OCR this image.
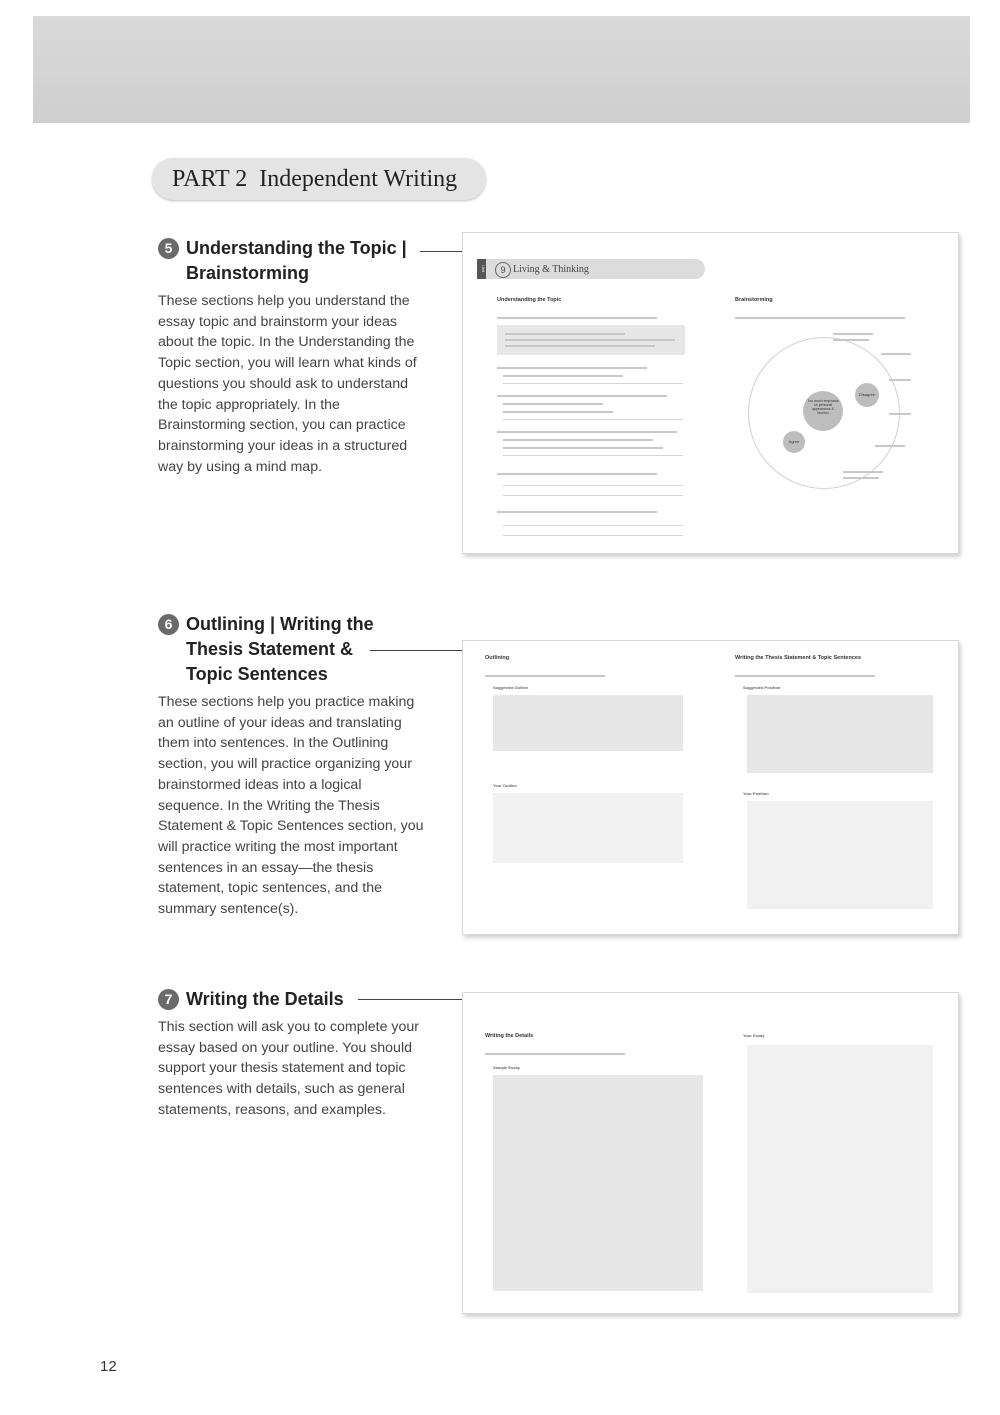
PART 2 Independent Writing
5 Understanding the Topic |
Brainstorming
These sections help you understand the essay topic and brainstorm your ideas about the topic. In the Understanding the Topic section, you will learn what kinds of questions you should ask to understand the topic appropriately. In the Brainstorming section, you can practice brainstorming your ideas in a structured way by using a mind map.
6 Outlining | Writing the
Thesis Statement &
Topic Sentences
These sections help you practice making an outline of your ideas and translating them into sentences. In the Outlining section, you will practice organizing your brainstormed ideas into a logical sequence. In the Writing the Thesis Statement & Topic Sentences section, you will practice writing the most important sentences in an essay—the thesis statement, topic sentences, and the summary sentence(s).
7 Writing the Details
This section will ask you to complete your essay based on your outline. You should support your thesis statement and topic sentences with details, such as general statements, reasons, and examples.
Unit	9 Living & Thinking
Understanding the Topic	Brainstorming
Too much emphasis on personal appearance & fashion
Agree
Disagree
Outlining	Writing the Thesis Statement & Topic Sentences
Suggested Outline	Suggested Position
Your Outline
Your Position
Writing the Details
Sample Essay
Your Essay
12
